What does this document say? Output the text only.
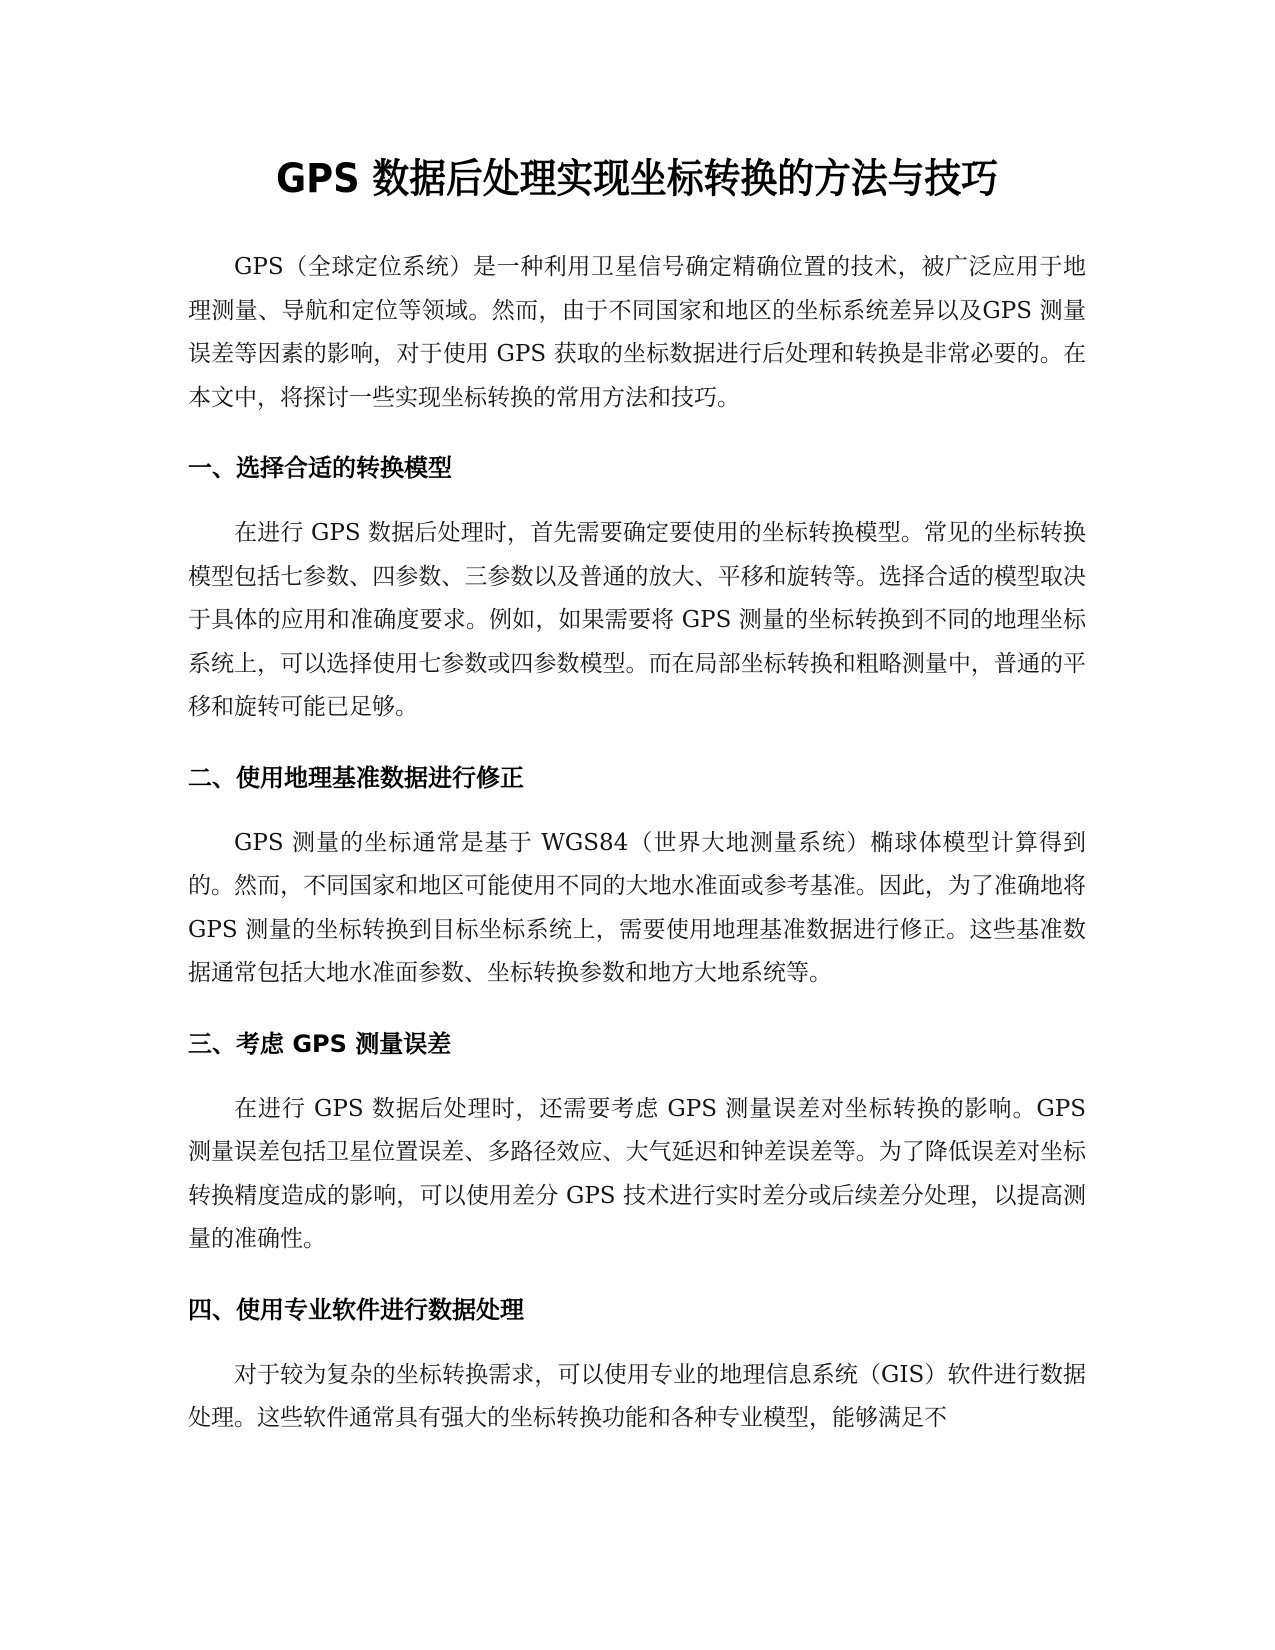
GPS 数据后处理实现坐标转换的方法与技巧

GPS（全球定位系统）是一种利用卫星信号确定精确位置的技术，被广泛应用于地理测量、导航和定位等领域。然而，由于不同国家和地区的坐标系统差异以及GPS 测量误差等因素的影响，对于使用 GPS 获取的坐标数据进行后处理和转换是非常必要的。在本文中，将探讨一些实现坐标转换的常用方法和技巧。

一、选择合适的转换模型

在进行 GPS 数据后处理时，首先需要确定要使用的坐标转换模型。常见的坐标转换模型包括七参数、四参数、三参数以及普通的放大、平移和旋转等。选择合适的模型取决于具体的应用和准确度要求。例如，如果需要将 GPS 测量的坐标转换到不同的地理坐标系统上，可以选择使用七参数或四参数模型。而在局部坐标转换和粗略测量中，普通的平移和旋转可能已足够。

二、使用地理基准数据进行修正

GPS 测量的坐标通常是基于 WGS84（世界大地测量系统）椭球体模型计算得到的。然而，不同国家和地区可能使用不同的大地水准面或参考基准。因此，为了准确地将 GPS 测量的坐标转换到目标坐标系统上，需要使用地理基准数据进行修正。这些基准数据通常包括大地水准面参数、坐标转换参数和地方大地系统等。

三、考虑 GPS 测量误差

在进行 GPS 数据后处理时，还需要考虑 GPS 测量误差对坐标转换的影响。GPS 测量误差包括卫星位置误差、多路径效应、大气延迟和钟差误差等。为了降低误差对坐标转换精度造成的影响，可以使用差分 GPS 技术进行实时差分或后续差分处理，以提高测量的准确性。

四、使用专业软件进行数据处理

对于较为复杂的坐标转换需求，可以使用专业的地理信息系统（GIS）软件进行数据处理。这些软件通常具有强大的坐标转换功能和各种专业模型，能够满足不
